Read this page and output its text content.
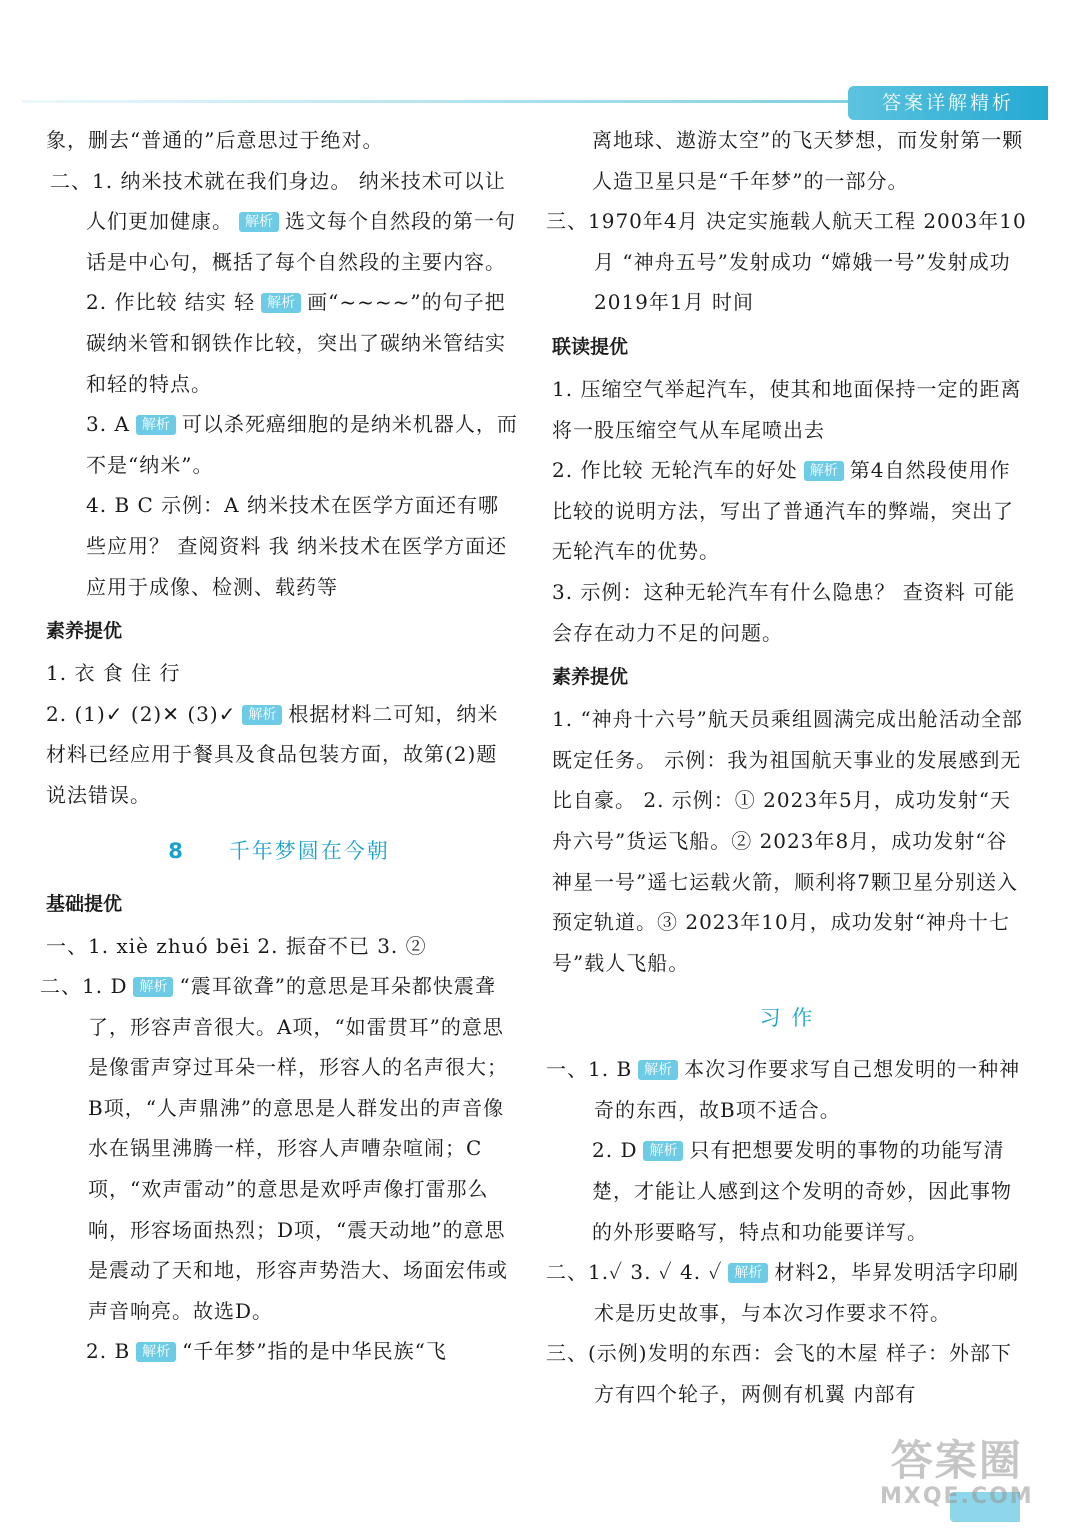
答案详解精析

象，删去“普通的”后意思过于绝对。

二、1. 纳米技术就在我们身边。 纳米技术可以让人们更加健康。 解析 选文每个自然段的第一句话是中心句，概括了每个自然段的主要内容。

2. 作比较 结实 轻 解析 画“~~~~”的句子把碳纳米管和钢铁作比较，突出了碳纳米管结实和轻的特点。

3. A 解析 可以杀死癌细胞的是纳米机器人，而不是“纳米”。

4. B C 示例：A 纳米技术在医学方面还有哪些应用？ 查阅资料 我 纳米技术在医学方面还应用于成像、检测、载药等

素养提优

1. 衣 食 住 行

2. (1)✓ (2)✕ (3)✓ 解析 根据材料二可知，纳米材料已经应用于餐具及食品包装方面，故第(2)题说法错误。

8 千年梦圆在今朝
基础提优

一、1. xiè zhuó bēi 2. 振奋不已 3. ②

二、1. D 解析 “震耳欲聋”的意思是耳朵都快震聋了，形容声音很大。A项，“如雷贯耳”的意思是像雷声穿过耳朵一样，形容人的名声很大；B项，“人声鼎沸”的意思是人群发出的声音像水在锅里沸腾一样，形容人声嘈杂喧闹；C项，“欢声雷动”的意思是欢呼声像打雷那么响，形容场面热烈；D项，“震天动地”的意思是震动了天和地，形容声势浩大、场面宏伟或声音响亮。故选D。

2. B 解析 “千年梦”指的是中华民族“飞

离地球、遨游太空”的飞天梦想，而发射第一颗人造卫星只是“千年梦”的一部分。

三、1970年4月 决定实施载人航天工程 2003年10月 “神舟五号”发射成功 “嫦娥一号”发射成功 2019年1月 时间

联读提优

1. 压缩空气举起汽车，使其和地面保持一定的距离 将一股压缩空气从车尾喷出去

2. 作比较 无轮汽车的好处 解析 第4自然段使用作比较的说明方法，写出了普通汽车的弊端，突出了无轮汽车的优势。

3. 示例：这种无轮汽车有什么隐患？ 查资料 可能会存在动力不足的问题。

素养提优

1. “神舟十六号”航天员乘组圆满完成出舱活动全部既定任务。 示例：我为祖国航天事业的发展感到无比自豪。 2. 示例：① 2023年5月，成功发射“天舟六号”货运飞船。② 2023年8月，成功发射“谷神星一号”遥七运载火箭，顺利将7颗卫星分别送入预定轨道。③ 2023年10月，成功发射“神舟十七号”载人飞船。

习 作

一、1. B 解析 本次习作要求写自己想发明的一种神奇的东西，故B项不适合。

2. D 解析 只有把想要发明的事物的功能写清楚，才能让人感到这个发明的奇妙，因此事物的外形要略写，特点和功能要详写。

二、1.✓ 3. ✓ 4. ✓ 解析 材料2，毕昇发明活字印刷术是历史故事，与本次习作要求不符。

三、(示例)发明的东西：会飞的木屋 样子：外部下方有四个轮子，两侧有机翼 内部有

答案圈
MXQE.COM
